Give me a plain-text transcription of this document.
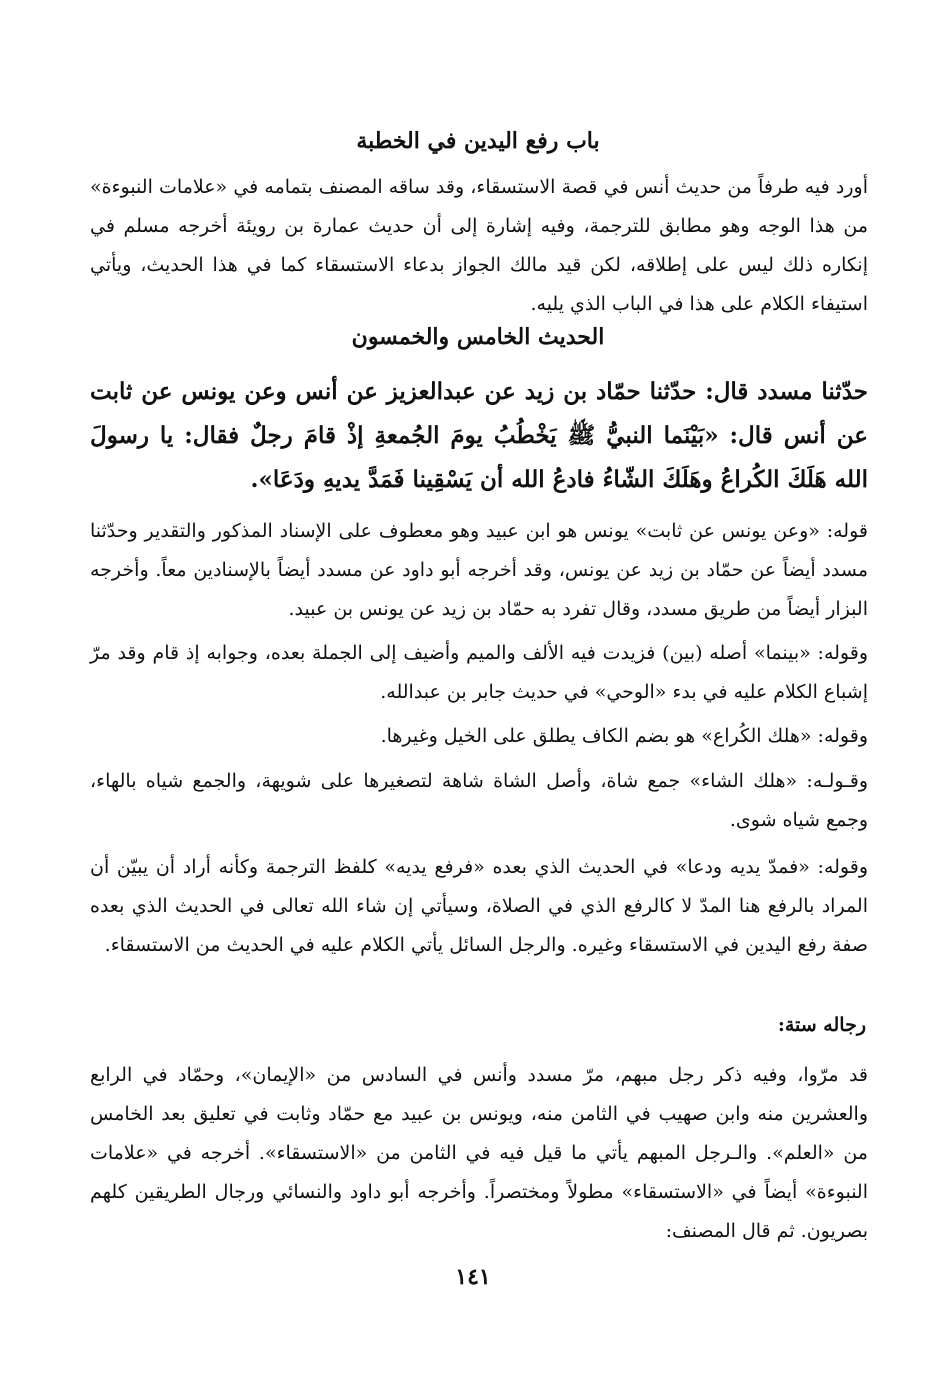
باب رفع اليدين في الخطبة
أورد فيه طرفاً من حديث أنس في قصة الاستسقاء، وقد ساقه المصنف بتمامه في «علامات النبوءة» من هذا الوجه وهو مطابق للترجمة، وفيه إشارة إلى أن حديث عمارة بن رويئة أخرجه مسلم في إنكاره ذلك ليس على إطلاقه، لكن قيد مالك الجواز بدعاء الاستسقاء كما في هذا الحديث، ويأتي استيفاء الكلام على هذا في الباب الذي يليه.
الحديث الخامس والخمسون
حدّثنا مسدد قال: حدّثنا حمّاد بن زيد عن عبدالعزيز عن أنس وعن يونس عن ثابت عن أنس قال: «بَيْنَما النبيُّ ﷺ يَخْطُبُ يومَ الجُمعةِ إذْ قامَ رجلٌ فقال: يا رسولَ الله هَلَكَ الكُراعُ وهَلَكَ الشّاءُ فادعُ الله أن يَسْقِينا فَمَدَّ يديهِ ودَعَا».
قوله: «وعن يونس عن ثابت» يونس هو ابن عبيد وهو معطوف على الإسناد المذكور والتقدير وحدّثنا مسدد أيضاً عن حمّاد بن زيد عن يونس، وقد أخرجه أبو داود عن مسدد أيضاً بالإسنادين معاً. وأخرجه البزار أيضاً من طريق مسدد، وقال تفرد به حمّاد بن زيد عن يونس بن عبيد.
وقوله: «بينما» أصله (بين) فزيدت فيه الألف والميم وأضيف إلى الجملة بعده، وجوابه إذ قام وقد مرّ إشباع الكلام عليه في بدء «الوحي» في حديث جابر بن عبدالله.
وقوله: «هلك الكُراع» هو بضم الكاف يطلق على الخيل وغيرها.
وقـولـه: «هلك الشاء» جمع شاة، وأصل الشاة شاهة لتصغيرها على شويهة، والجمع شياه بالهاء، وجمع شياه شوى.
وقوله: «فمدّ يديه ودعا» في الحديث الذي بعده «فرفع يديه» كلفظ الترجمة وكأنه أراد أن يبيّن أن المراد بالرفع هنا المدّ لا كالرفع الذي في الصلاة، وسيأتي إن شاء الله تعالى في الحديث الذي بعده صفة رفع اليدين في الاستسقاء وغيره. والرجل السائل يأتي الكلام عليه في الحديث من الاستسقاء.
رجاله ستة:
قد مرّوا، وفيه ذكر رجل مبهم، مرّ مسدد وأنس في السادس من «الإيمان»، وحمّاد في الرابع والعشرين منه وابن صهيب في الثامن منه، ويونس بن عبيد مع حمّاد وثابت في تعليق بعد الخامس من «العلم». والـرجل المبهم يأتي ما قيل فيه في الثامن من «الاستسقاء». أخرجه في «علامات النبوءة» أيضاً في «الاستسقاء» مطولاً ومختصراً. وأخرجه أبو داود والنسائي ورجال الطريقين كلهم بصريون. ثم قال المصنف:
١٤١
